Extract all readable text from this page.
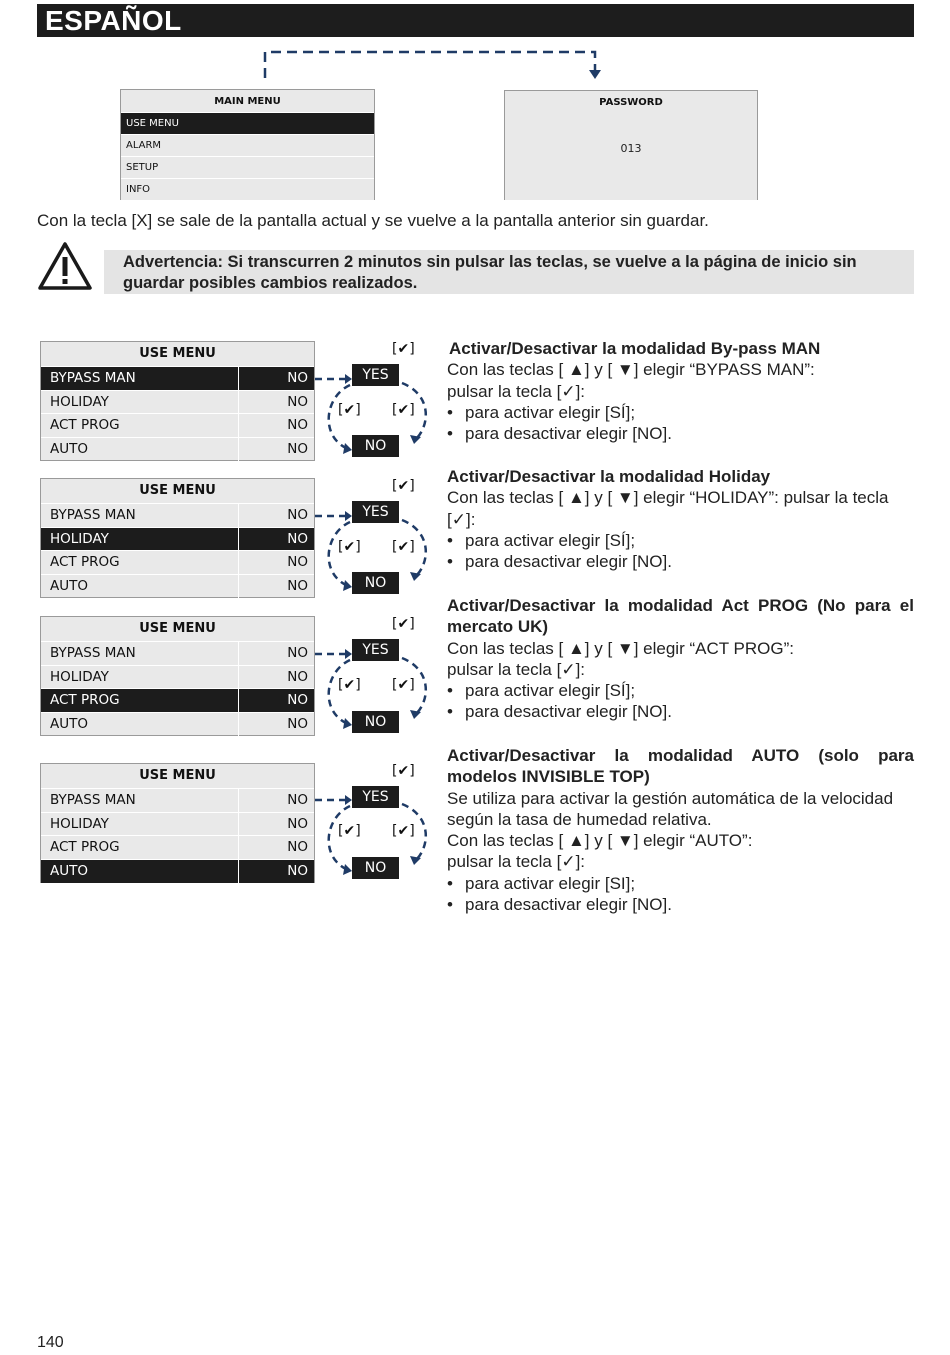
ESPAÑOL
MAIN MENU
USE MENU
ALARM
SETUP
INFO
PASSWORD
013
Con la tecla [X] se sale de la pantalla actual y se vuelve a la pantalla anterior sin guardar.
Advertencia: Si transcurren 2 minutos sin pulsar las teclas, se vuelve a la página de inicio sin
guardar posibles cambios realizados.
USE MENU
BYPASS MAN	NO
HOLIDAY	NO
ACT PROG	NO
AUTO	NO
[✔]
[✔] [✔]
YES
NO
USE MENU
BYPASS MAN	NO
HOLIDAY	NO
ACT PROG	NO
AUTO	NO
[✔]
[✔] [✔]
YES
NO
USE MENU
BYPASS MAN	NO
HOLIDAY	NO
ACT PROG	NO
AUTO	NO
[✔]
[✔] [✔]
YES
NO
USE MENU
BYPASS MAN	NO
HOLIDAY	NO
ACT PROG	NO
AUTO	NO
[✔]
[✔] [✔]
YES
NO
Activar/Desactivar la modalidad By-pass MAN
Con las teclas [ ▲] y [ ▼] elegir “BYPASS MAN”:
pulsar la tecla [✓]:
• para activar elegir [SÍ];
• para desactivar elegir [NO].
Activar/Desactivar la modalidad Holiday
Con las teclas [ ▲] y [ ▼] elegir “HOLIDAY”: pulsar la tecla
[✓]:
• para activar elegir [SÍ];
• para desactivar elegir [NO].
Activar/Desactivar la modalidad Act PROG (No para el
mercato UK)
Con las teclas [ ▲] y [ ▼] elegir “ACT PROG”:
pulsar la tecla [✓]:
• para activar elegir [SÍ];
• para desactivar elegir [NO].
Activar/Desactivar la modalidad AUTO (solo para
modelos INVISIBLE TOP)
Se utiliza para activar la gestión automática de la velocidad
según la tasa de humedad relativa.
Con las teclas [ ▲] y [ ▼] elegir “AUTO”:
pulsar la tecla [✓]:
• para activar elegir [SI];
• para desactivar elegir [NO].
140
